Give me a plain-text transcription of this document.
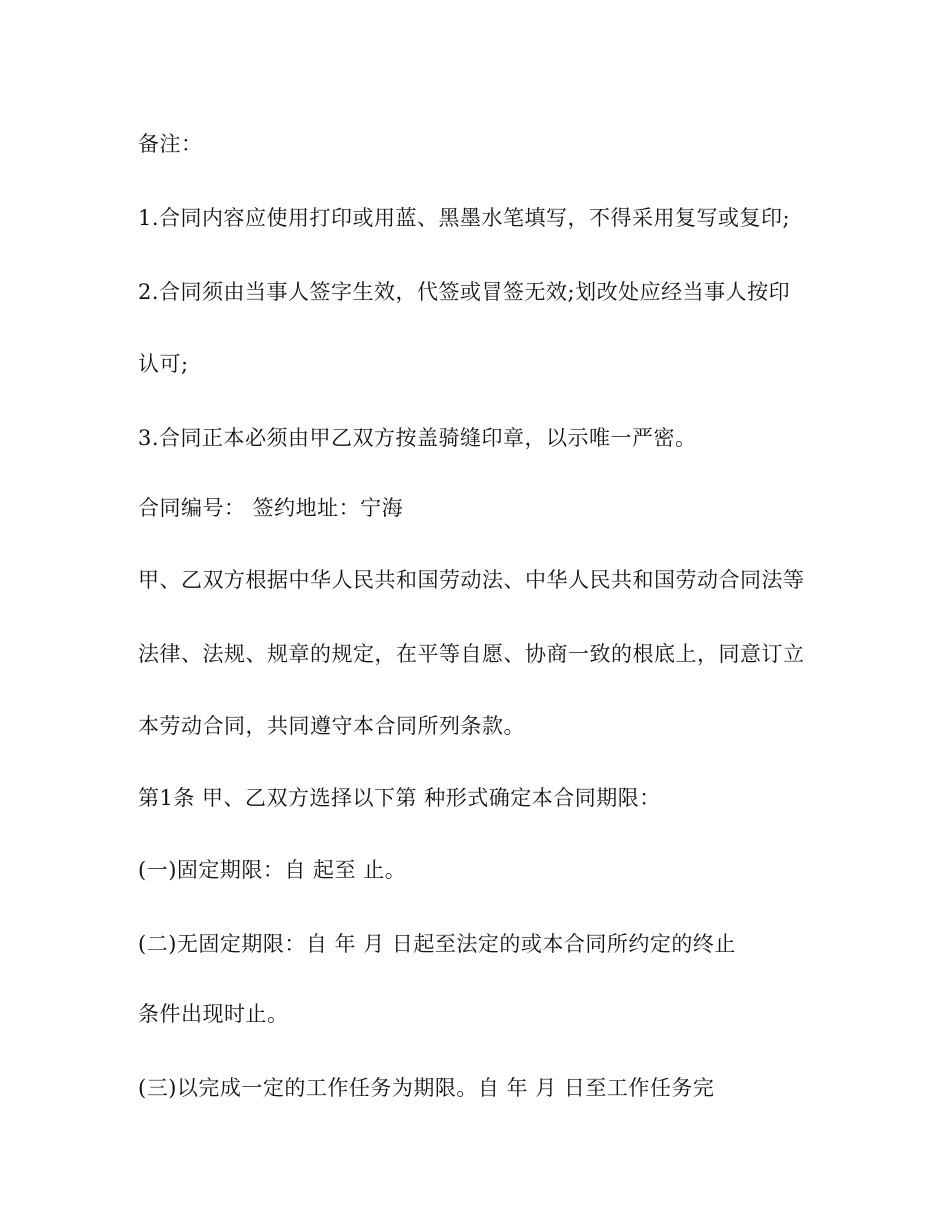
备注：
1.合同内容应使用打印或用蓝、黑墨水笔填写，不得采用复写或复印;
2.合同须由当事人签字生效，代签或冒签无效;划改处应经当事人按印
认可;
3.合同正本必须由甲乙双方按盖骑缝印章，以示唯一严密。
合同编号： 签约地址：宁海
甲、乙双方根据中华人民共和国劳动法、中华人民共和国劳动合同法等
法律、法规、规章的规定，在平等自愿、协商一致的根底上，同意订立
本劳动合同，共同遵守本合同所列条款。
第1条 甲、乙双方选择以下第 种形式确定本合同期限：
(一)固定期限：自 起至 止。
(二)无固定期限：自 年 月 日起至法定的或本合同所约定的终止
条件出现时止。
(三)以完成一定的工作任务为期限。自 年 月 日至工作任务完
